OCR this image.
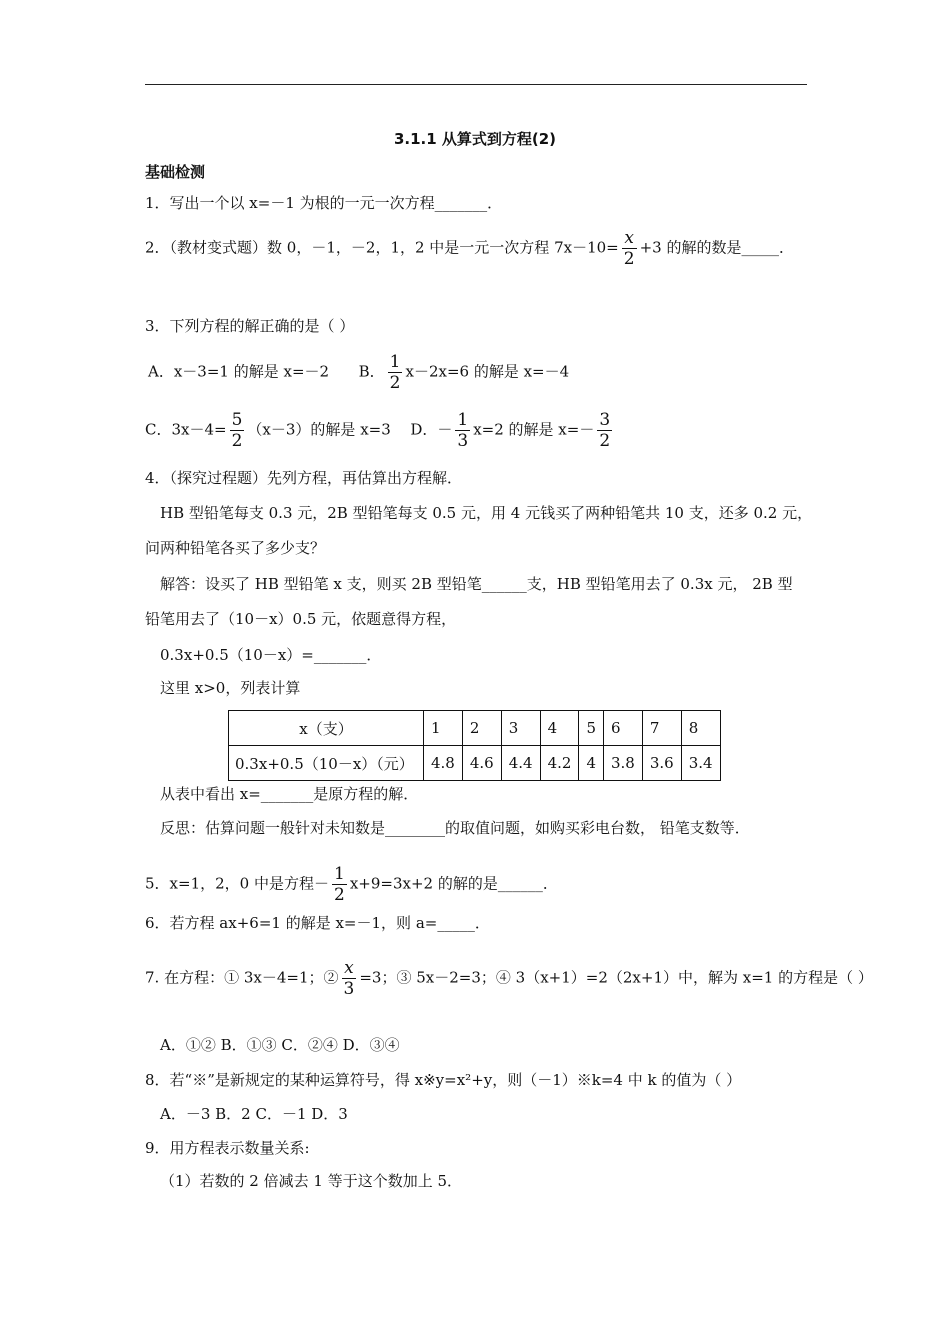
3.1.1 从算式到方程(2)
基础检测
1．写出一个以 x=－1 为根的一元一次方程_______．
2．（教材变式题）数 0，－1，－2，1，2 中是一元一次方程 $7x-10= \frac{x}{2} +3$ 的解的数是_____．
3．下列方程的解正确的是（ ）
A．x－3=1 的解是 x=－2 B． $\frac{1}{2} x-2x=6$ 的解是 x=－4
C．$3x-4= \frac{5}{2} (x-3)$的解是 x=3 D．－ $\frac{1}{3} x=2$ 的解是 $x=- \frac{3}{2}$
4．（探究过程题）先列方程，再估算出方程解．
HB 型铅笔每支 0.3 元，2B 型铅笔每支 0.5 元，用 4 元钱买了两种铅笔共 10 支，还多 0.2 元，
问两种铅笔各买了多少支？
解答：设买了 HB 型铅笔 x 支，则买 2B 型铅笔______支，HB 型铅笔用去了 0.3x 元， 2B 型
铅笔用去了（10－x）0.5 元，依题意得方程，
0.3x+0.5（10－x）=_______．
这里 x>0，列表计算
x（支）	1	2	3	4	5	6	7	8
0.3x+0.5（10－x）（元）	4.8	4.6	4.4	4.2	4	3.8	3.6	3.4
从表中看出 x=_______是原方程的解．
反思：估算问题一般针对未知数是________的取值问题，如购买彩电台数， 铅笔支数等．
5．x=1，2，0 中是方程－ $\frac{1}{2} x+9=3x+2$ 的解的是______．
6．若方程 ax+6=1 的解是 x=－1，则 a=_____．
7. 在方程：① 3x－4=1；② $\frac{x}{3} =3$；③ 5x－2=3；④ 3（x+1）=2（2x+1）中，解为 x=1 的方程是（ ）
A．①② B．①③ C．②④ D．③④
8．若“※”是新规定的某种运算符号，得 x※y=x²+y，则（－1）※k=4 中 k 的值为（ ）
A．－3 B．2 C．－1 D．3
9．用方程表示数量关系:
（1）若数的 2 倍减去 1 等于这个数加上 5．
